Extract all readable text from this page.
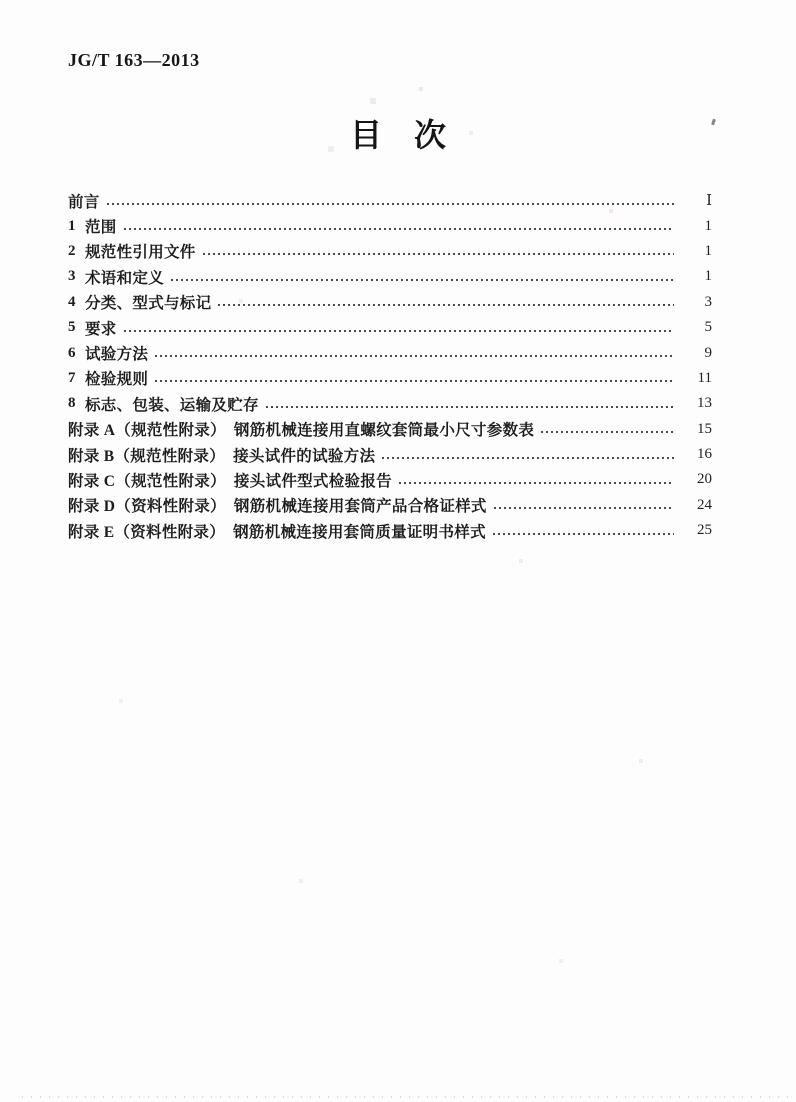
JG/T 163—2013
目　次
前言	Ⅰ
1 范围	1
2 规范性引用文件	1
3 术语和定义	1
4 分类、型式与标记	3
5 要求	5
6 试验方法	9
7 检验规则	11
8 标志、包装、运输及贮存	13
附录 A（规范性附录）　钢筋机械连接用直螺纹套筒最小尺寸参数表	15
附录 B（规范性附录）　接头试件的试验方法	16
附录 C（规范性附录）　接头试件型式检验报告	20
附录 D（资料性附录）　钢筋机械连接用套筒产品合格证样式	24
附录 E（资料性附录）　钢筋机械连接用套筒质量证明书样式	25
